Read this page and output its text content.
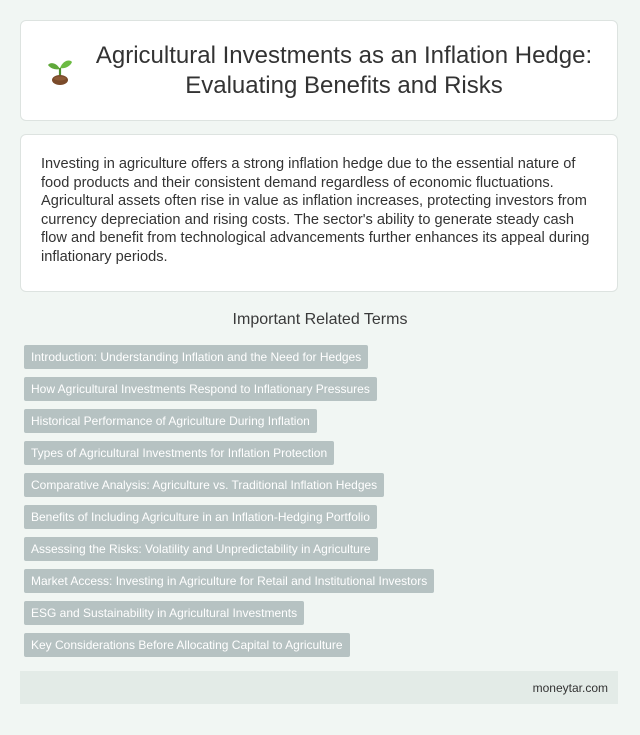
Agricultural Investments as an Inflation Hedge:
Evaluating Benefits and Risks

Investing in agriculture offers a strong inflation hedge due to the essential nature of food products and their consistent demand regardless of economic fluctuations. Agricultural assets often rise in value as inflation increases, protecting investors from currency depreciation and rising costs. The sector's ability to generate steady cash flow and benefit from technological advancements further enhances its appeal during inflationary periods.

Important Related Terms
Introduction: Understanding Inflation and the Need for Hedges
How Agricultural Investments Respond to Inflationary Pressures
Historical Performance of Agriculture During Inflation
Types of Agricultural Investments for Inflation Protection
Comparative Analysis: Agriculture vs. Traditional Inflation Hedges
Benefits of Including Agriculture in an Inflation-Hedging Portfolio
Assessing the Risks: Volatility and Unpredictability in Agriculture
Market Access: Investing in Agriculture for Retail and Institutional Investors
ESG and Sustainability in Agricultural Investments
Key Considerations Before Allocating Capital to Agriculture
moneytar.com
